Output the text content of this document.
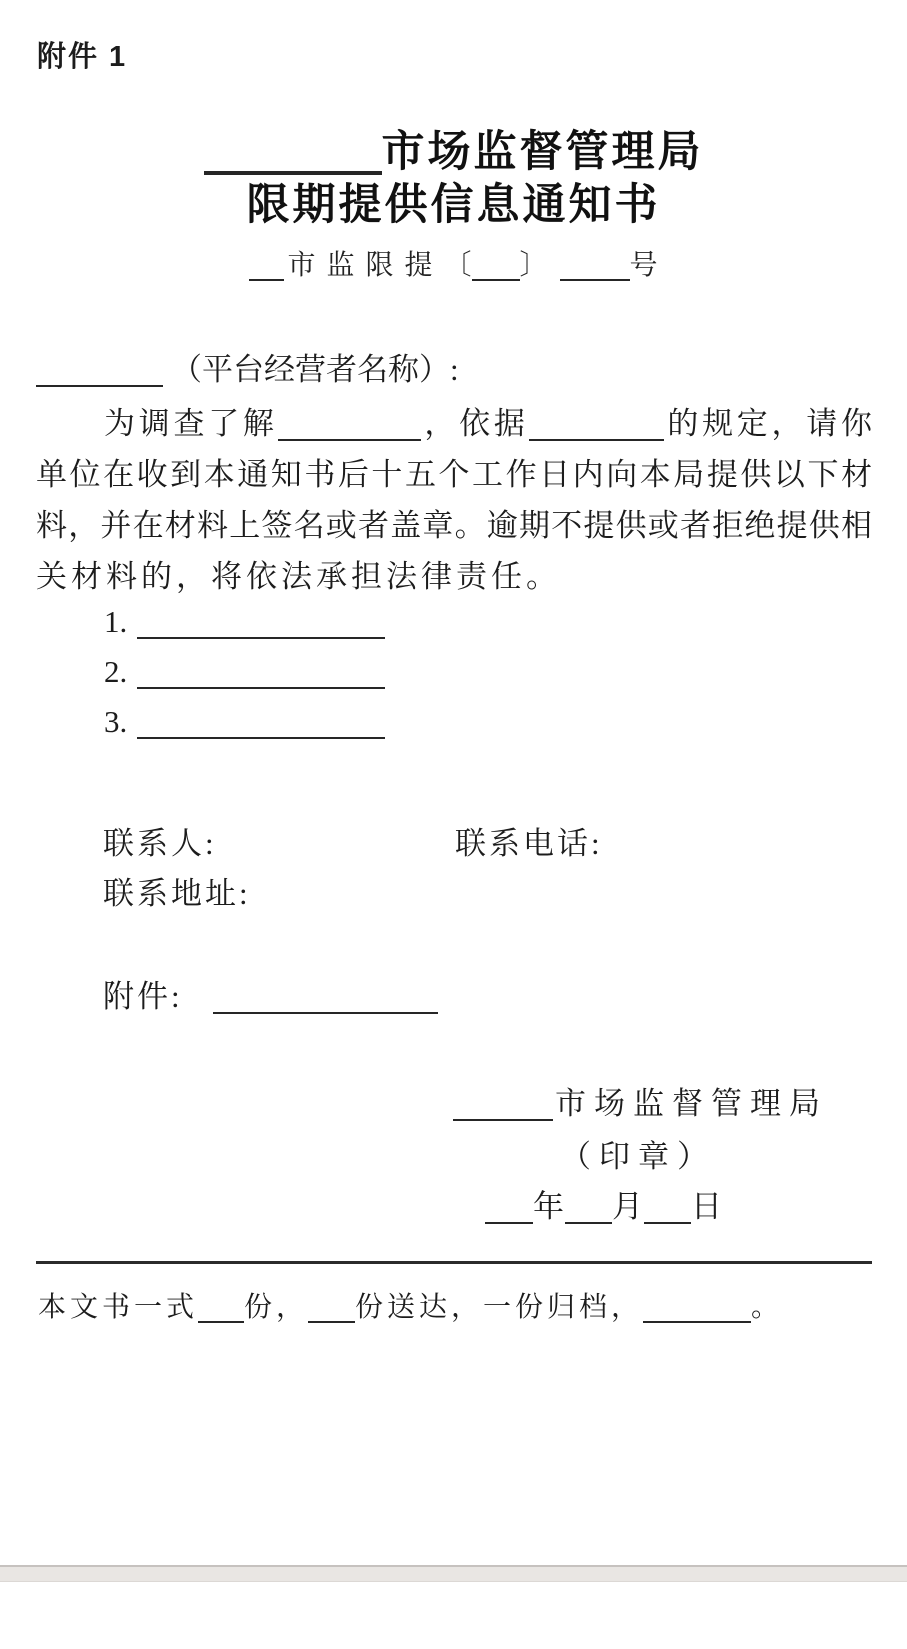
附件 1
市场监督管理局
限期提供信息通知书
市监限提〔 〕	号
（平台经营者名称）:
为调查了解	，依据	的规定，请你
单位在收到本通知书后十五个工作日内向本局提供以下材
料，并在材料上签名或者盖章。逾期不提供或者拒绝提供相
关材料的，将依法承担法律责任。
1.
2.
3.
联系人:	联系电话:
联系地址:
附件:
市场监督管理局
（印章）
年 月 日
本文书一式 份， 份送达，一份归档，	。
